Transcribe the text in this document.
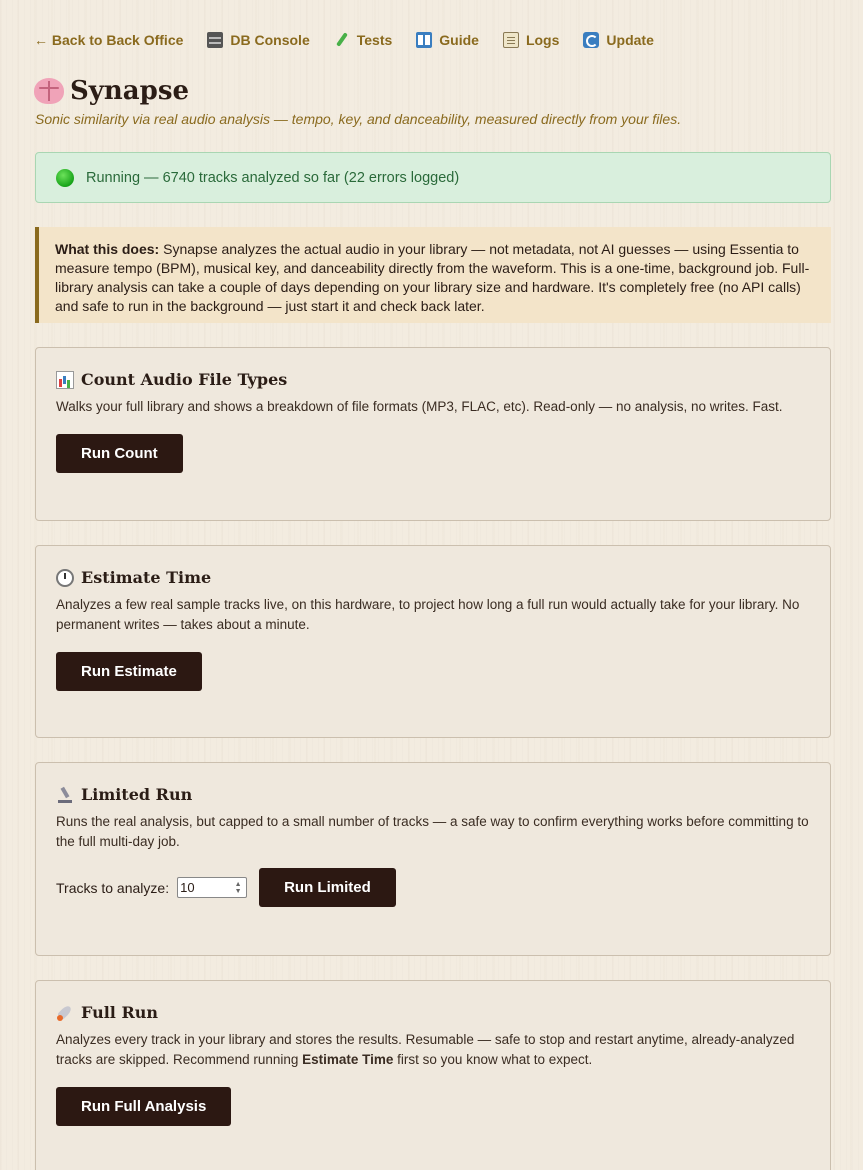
← Back to Back Office	DB Console	Tests	Guide	Logs	Update
Synapse
Sonic similarity via real audio analysis — tempo, key, and danceability, measured directly from your files.
Running — 6740 tracks analyzed so far (22 errors logged)
What this does: Synapse analyzes the actual audio in your library — not metadata, not AI guesses — using Essentia to measure tempo (BPM), musical key, and danceability directly from the waveform. This is a one-time, background job. Full-library analysis can take a couple of days depending on your library size and hardware. It's completely free (no API calls) and safe to run in the background — just start it and check back later.
Count Audio File Types

Walks your full library and shows a breakdown of file formats (MP3, FLAC, etc). Read-only — no analysis, no writes. Fast.

Run Count
Estimate Time

Analyzes a few real sample tracks live, on this hardware, to project how long a full run would actually take for your library. No permanent writes — takes about a minute.

Run Estimate
Limited Run

Runs the real analysis, but capped to a small number of tracks — a safe way to confirm everything works before committing to the full multi-day job.

Tracks to analyze: 10	▲
▼	Run Limited
Full Run

Analyzes every track in your library and stores the results. Resumable — safe to stop and restart anytime, already-analyzed tracks are skipped. Recommend running Estimate Time first so you know what to expect.

Run Full Analysis
